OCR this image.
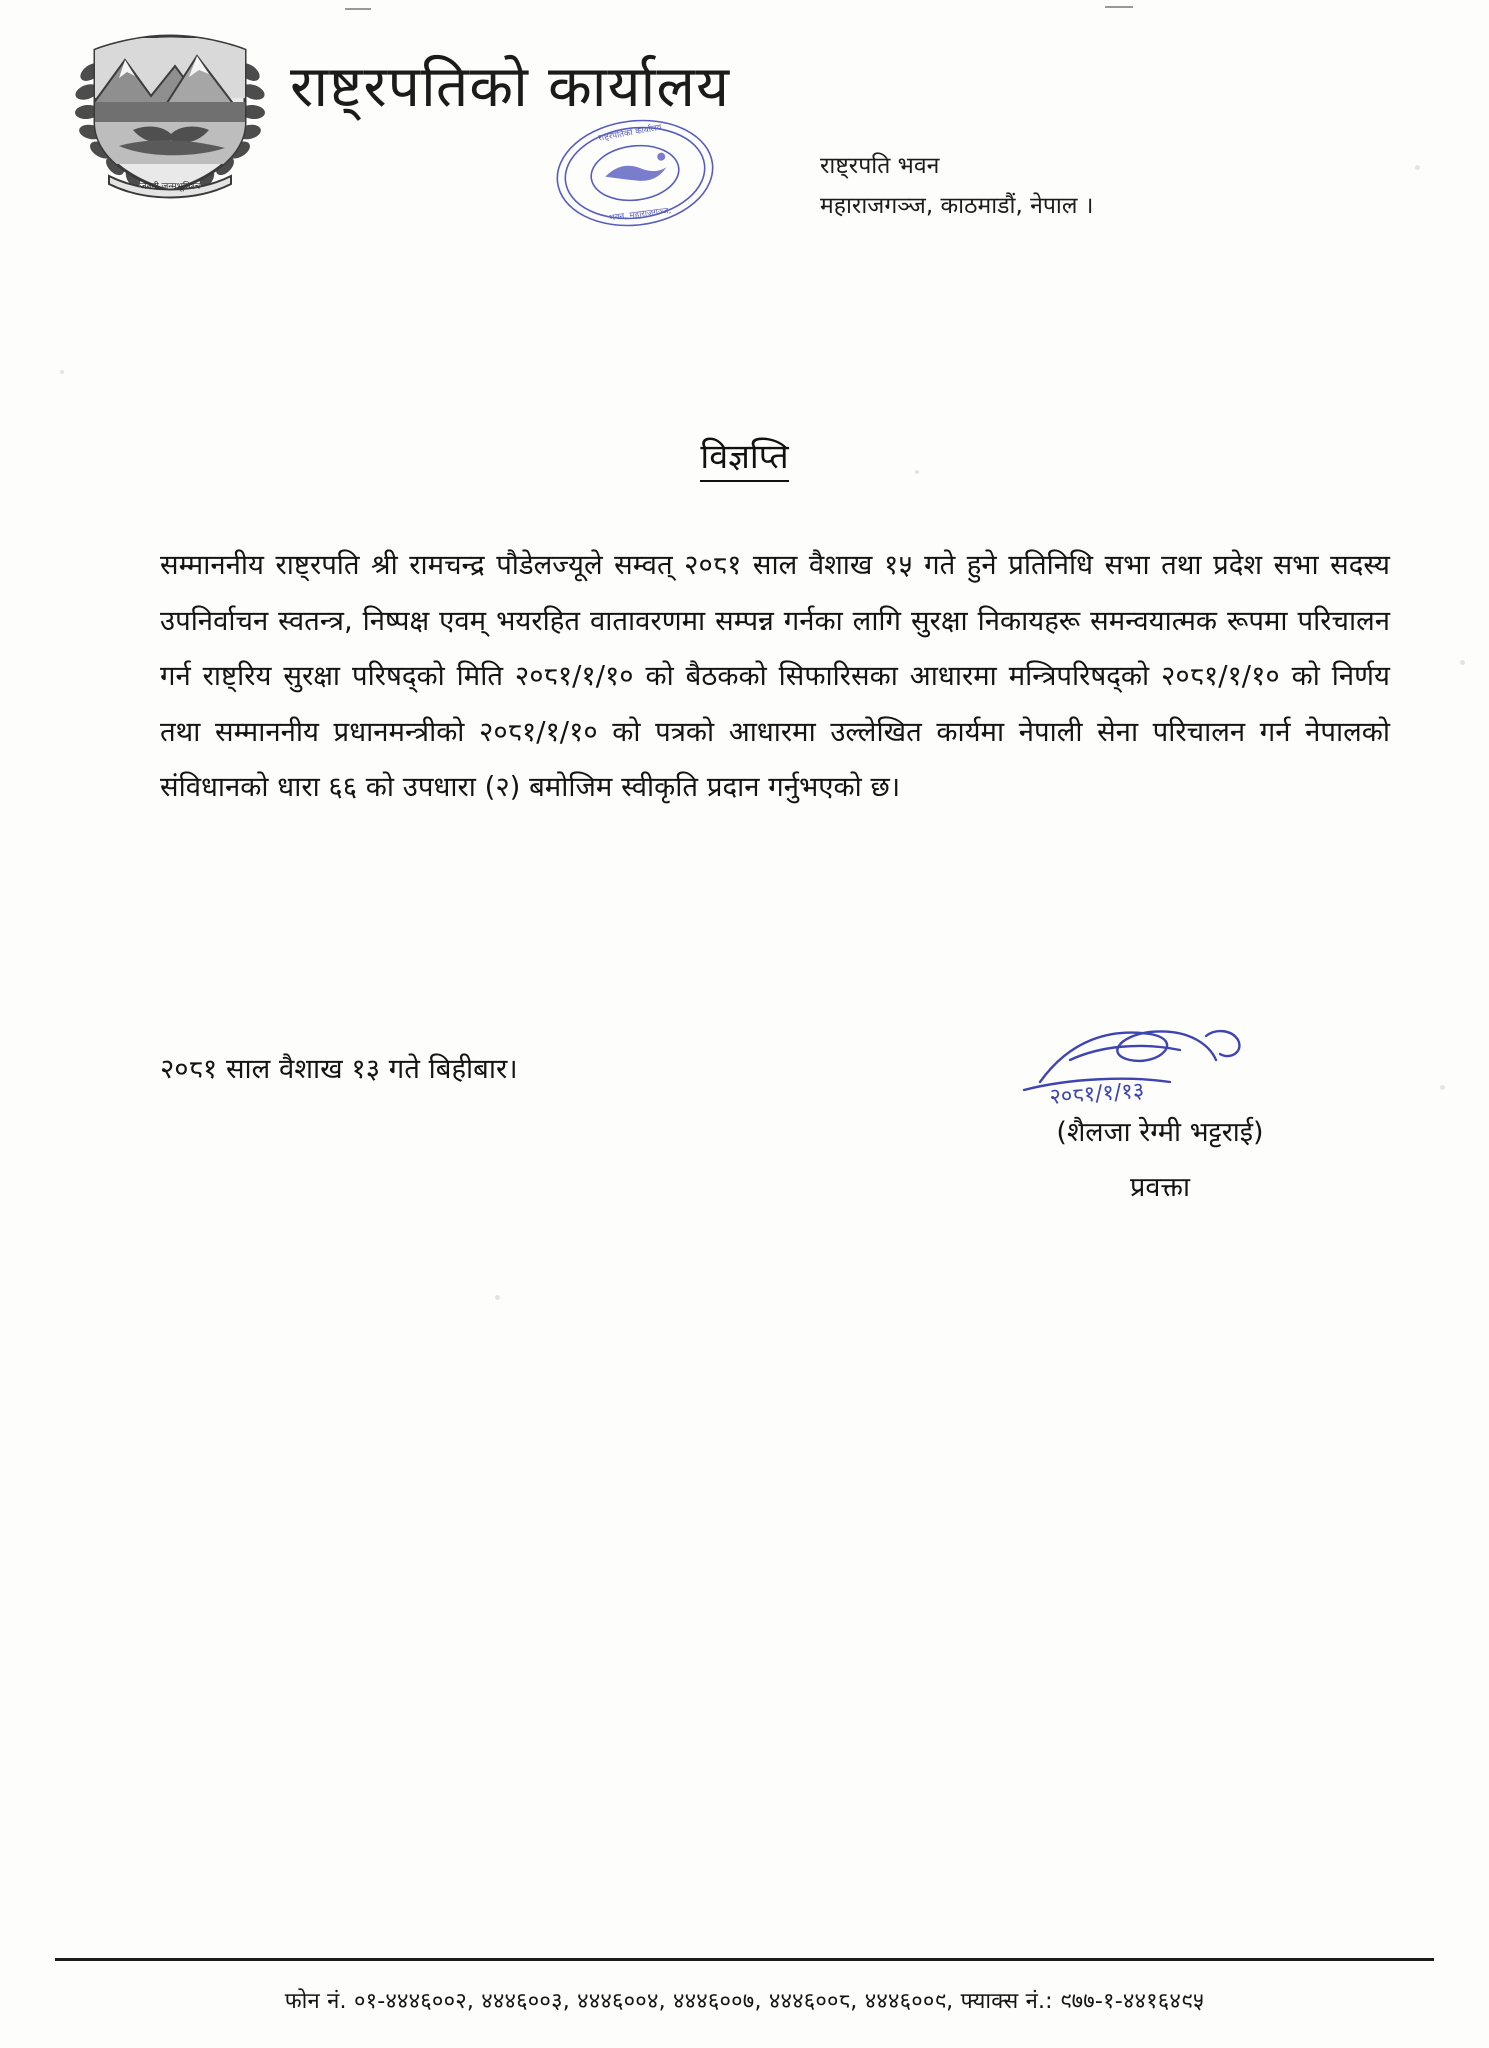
जननी जन्मभूमिश्च
राष्ट्रपतिको कार्यालय
राष्ट्रपतिको कार्यालय
भवन, महाराजगञ्ज,
राष्ट्रपति भवन
महाराजगञ्ज, काठमाडौं, नेपाल ।
विज्ञप्ति
सम्माननीय राष्ट्रपति श्री रामचन्द्र पौडेलज्यूले सम्वत् २०८१ साल वैशाख १५ गते हुने प्रतिनिधि सभा तथा प्रदेश सभा सदस्य उपनिर्वाचन स्वतन्त्र, निष्पक्ष एवम् भयरहित वातावरणमा सम्पन्न गर्नका लागि सुरक्षा निकायहरू समन्वयात्मक रूपमा परिचालन गर्न राष्ट्रिय सुरक्षा परिषद्को मिति २०८१/१/१० को बैठकको सिफारिसका आधारमा मन्त्रिपरिषद्को २०८१/१/१० को निर्णय तथा सम्माननीय प्रधानमन्त्रीको २०८१/१/१० को पत्रको आधारमा उल्लेखित कार्यमा नेपाली सेना परिचालन गर्न नेपालको संविधानको धारा ६६ को उपधारा (२) बमोजिम स्वीकृति प्रदान गर्नुभएको छ।
२०८१ साल वैशाख १३ गते बिहीबार।
२०८१/१/१३
(शैलजा रेग्मी भट्टराई)
प्रवक्ता
फोन नं. ०१-४४४६००२, ४४४६००३, ४४४६००४, ४४४६००७, ४४४६००८, ४४४६००९, फ्याक्स नं.: ९७७-१-४४१६४९५
